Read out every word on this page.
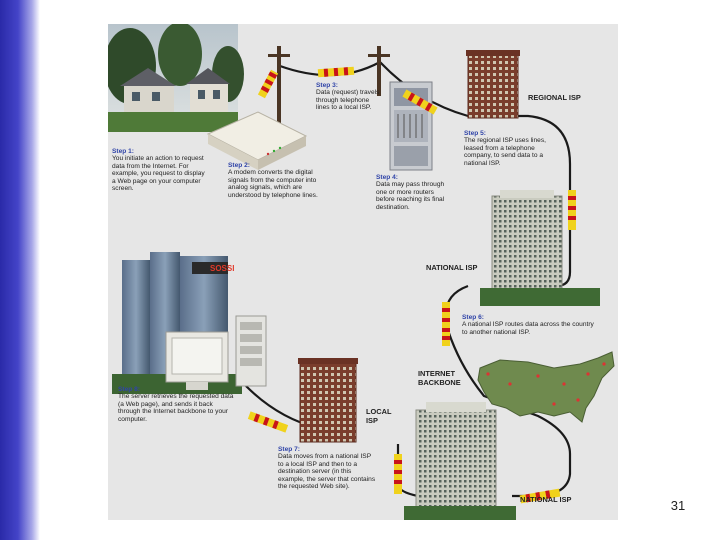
SOSSI
Step 1:
You initiate an action to request data from the Internet. For example, you request to display a Web page on your computer screen.
Step 2:
A modem converts the digital signals from the computer into analog signals, which are understood by telephone lines.
Step 3:
Data (request) travels through telephone lines to a local ISP.
Step 4:
Data may pass through one or more routers before reaching its final destination.
Step 5:
The regional ISP uses lines, leased from a telephone company, to send data to a national ISP.
Step 6:
A national ISP routes data across the country to another national ISP.
Step 7:
Data moves from a national ISP to a local ISP and then to a destination server (in this example, the server that contains the requested Web site).
Step 8:
The server retrieves the requested data (a Web page), and sends it back through the Internet backbone to your computer.
REGIONAL ISP
NATIONAL ISP
INTERNET BACKBONE
LOCAL ISP
NATIONAL ISP	31
